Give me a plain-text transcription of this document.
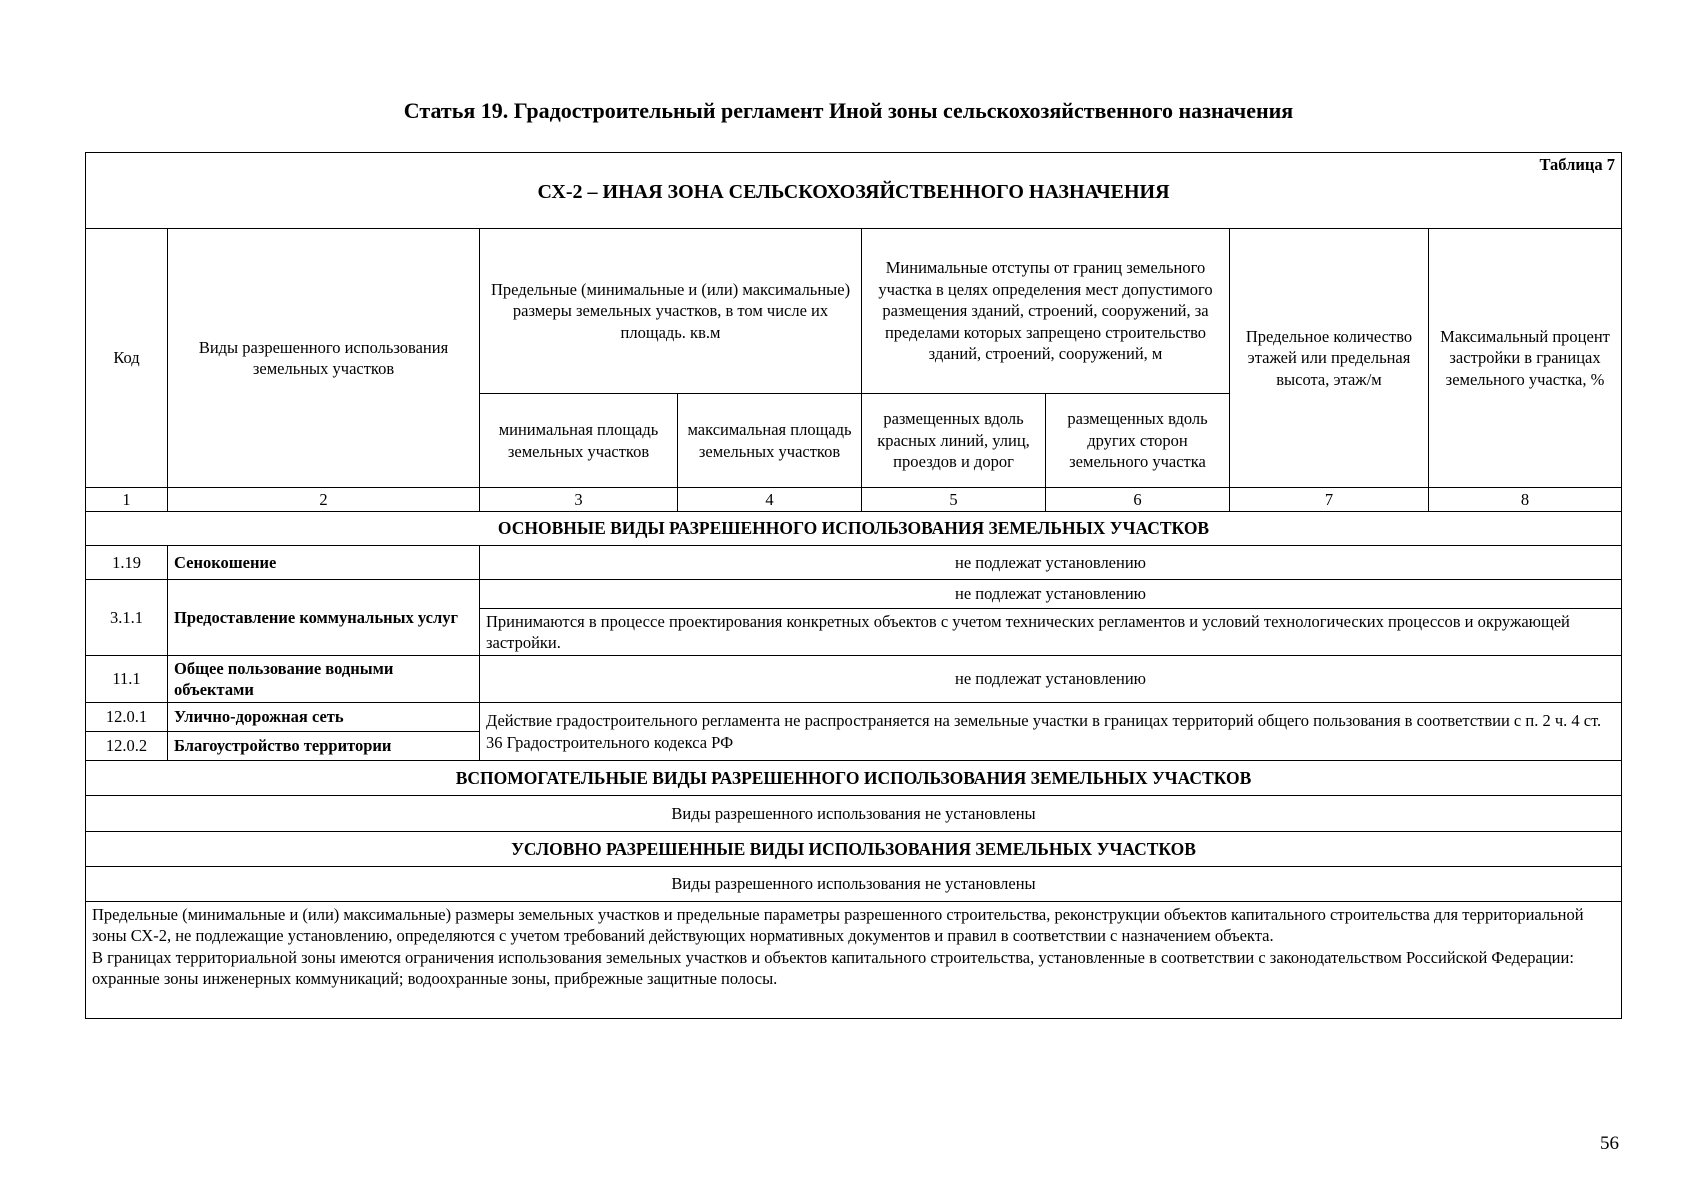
Статья 19. Градостроительный регламент Иной зоны сельскохозяйственного назначения
Таблица 7
СХ-2 – ИНАЯ ЗОНА СЕЛЬСКОХОЗЯЙСТВЕННОГО НАЗНАЧЕНИЯ							

Код	Виды разрешенного использования земельных участков	Предельные (минимальные и (или) максимальные) размеры земельных участков, в том числе их площадь. кв.м		Минимальные отступы от границ земельного участка в целях определения мест допустимого размещения зданий, строений, сооружений, за пределами которых запрещено строительство зданий, строений, сооружений, м		Предельное количество этажей или предельная высота, этаж/м	Максимальный процент застройки в границах земельного участка, %
		минимальная площадь земельных участков	максимальная площадь земельных участков	размещенных вдоль красных линий, улиц, проездов и дорог	размещенных вдоль других сторон земельного участка		
1	2	3	4	5	6	7	8
ОСНОВНЫЕ ВИДЫ РАЗРЕШЕННОГО ИСПОЛЬЗОВАНИЯ ЗЕМЕЛЬНЫХ УЧАСТКОВ							
1.19	Сенокошение	не подлежат установлению					
3.1.1	Предоставление коммунальных услуг	не подлежат установлению					
		Принимаются в процессе проектирования конкретных объектов с учетом технических регламентов и условий технологических процессов и окружающей застройки.					
11.1	Общее пользование водными объектами	не подлежат установлению					
12.0.1	Улично-дорожная сеть	Действие градостроительного регламента не распространяется на земельные участки в границах территорий общего пользования в соответствии с п. 2 ч. 4 ст. 36 Градостроительного кодекса РФ					
12.0.2	Благоустройство территории						
ВСПОМОГАТЕЛЬНЫЕ ВИДЫ РАЗРЕШЕННОГО ИСПОЛЬЗОВАНИЯ ЗЕМЕЛЬНЫХ УЧАСТКОВ							
Виды разрешенного использования не установлены							
УСЛОВНО РАЗРЕШЕННЫЕ ВИДЫ ИСПОЛЬЗОВАНИЯ ЗЕМЕЛЬНЫХ УЧАСТКОВ							
Виды разрешенного использования не установлены							

Предельные (минимальные и (или) максимальные) размеры земельных участков и предельные параметры разрешенного строительства, реконструкции объектов капитального строительства для территориальной зоны СХ-2, не подлежащие установлению, определяются с учетом требований действующих нормативных документов и правил в соответствии с назначением объекта.

В границах территориальной зоны имеются ограничения использования земельных участков и объектов капитального строительства, установленные в соответствии с законодательством Российской Федерации: охранные зоны инженерных коммуникаций; водоохранные зоны, прибрежные защитные полосы.							

56
